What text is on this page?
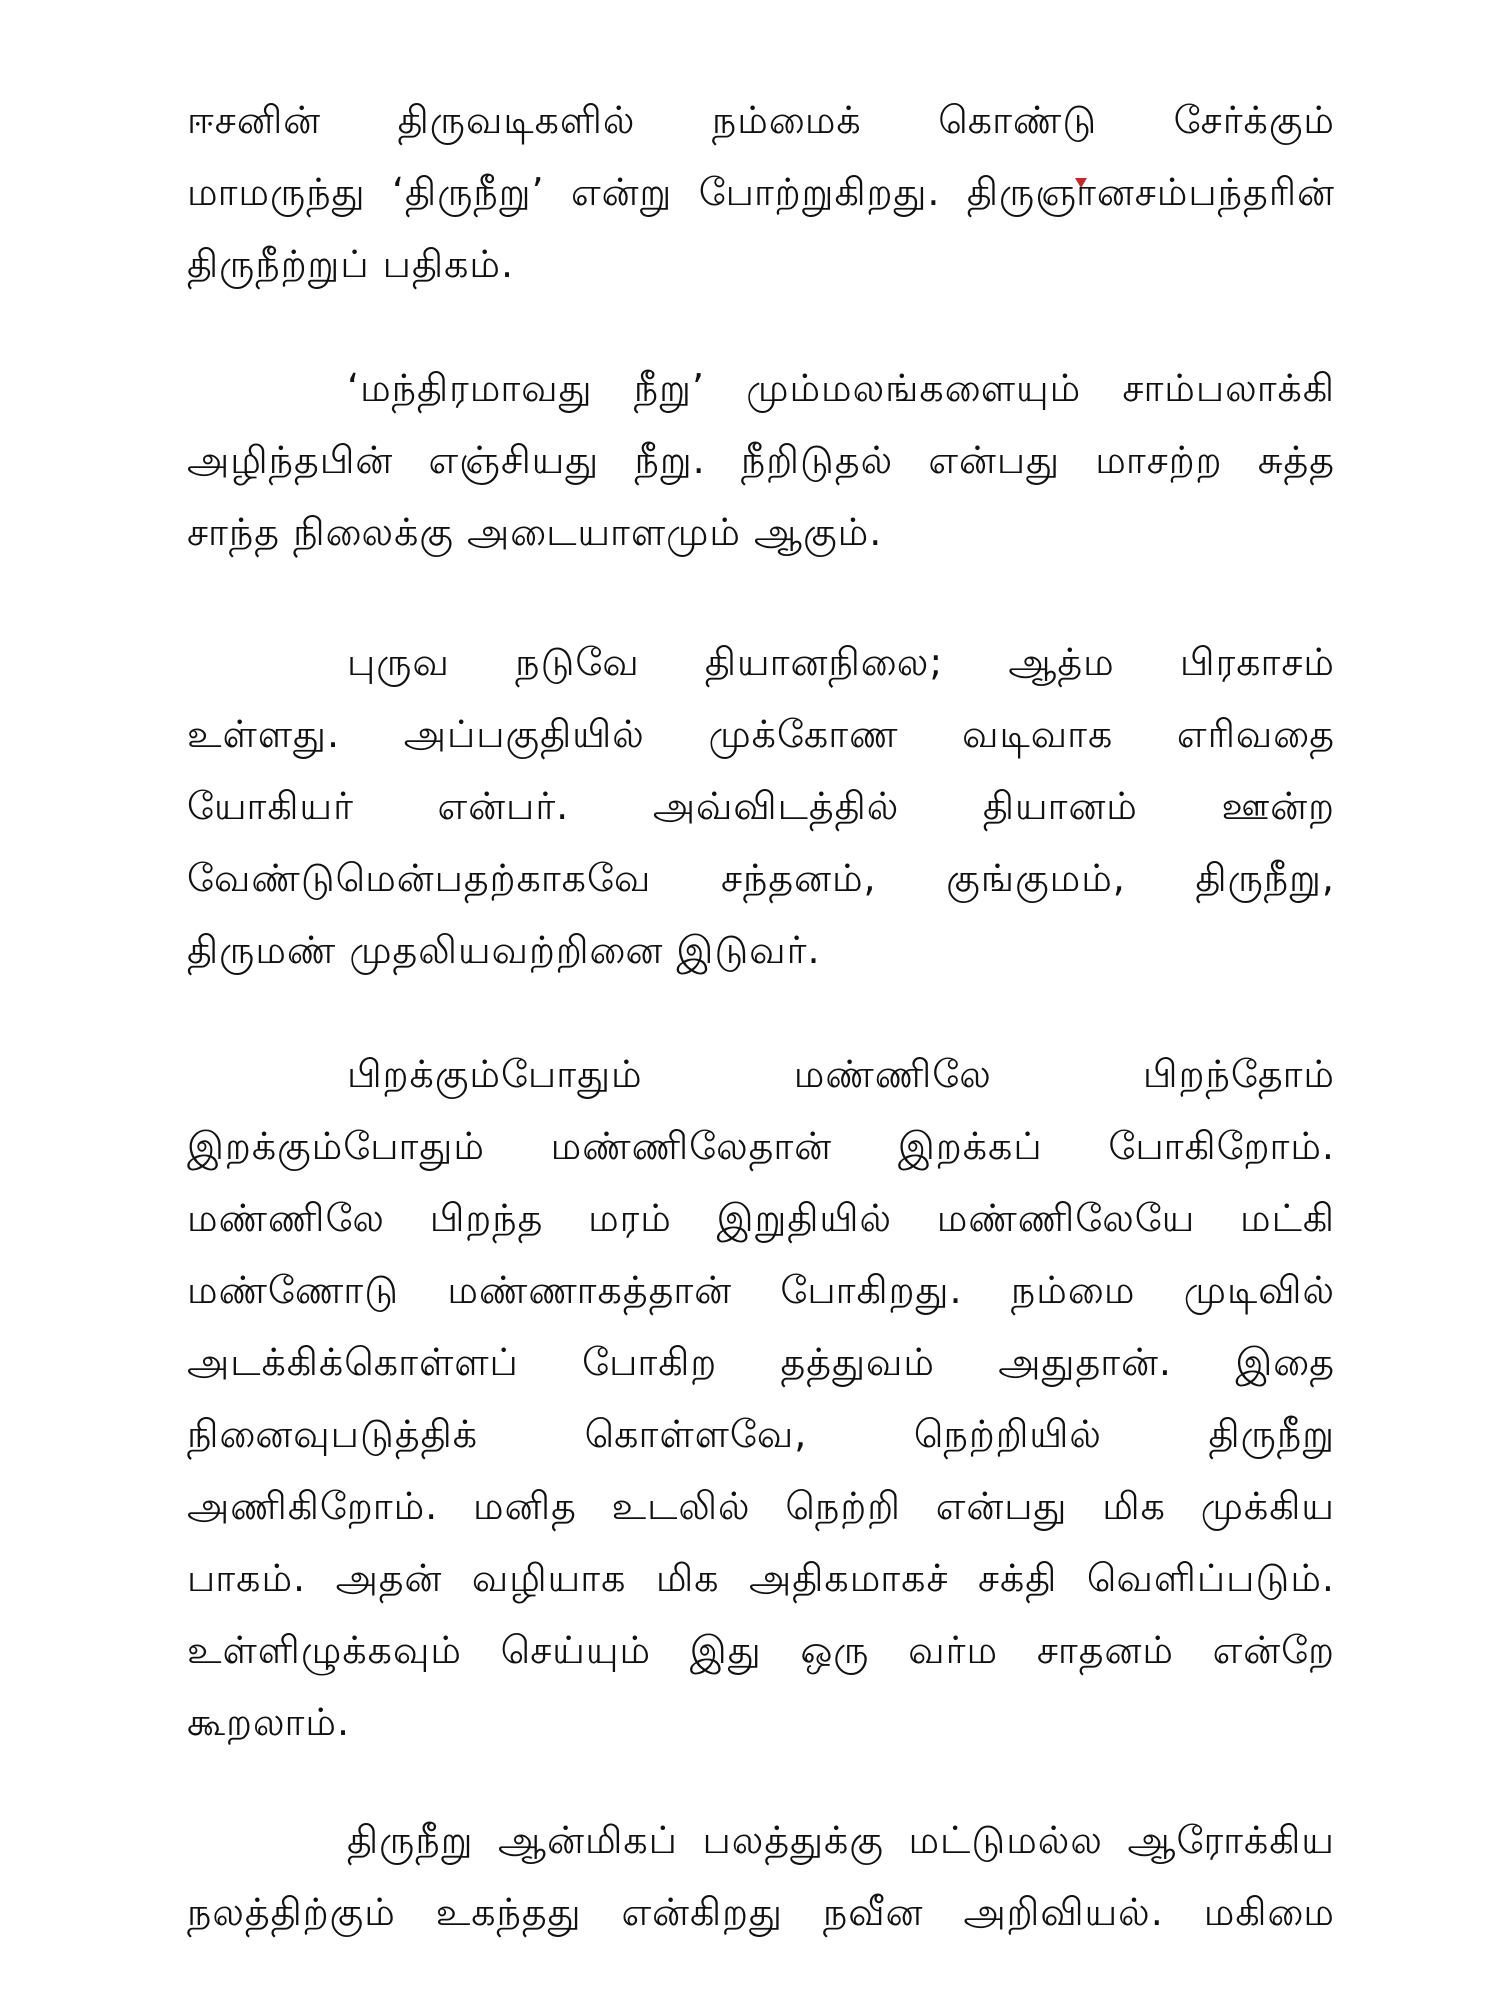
ஈசனின் திருவடிகளில் நம்மைக் கொண்டு சேர்க்கும்
மாமருந்து ‘திருநீறு’ என்று போற்றுகிறது. திருஞானசம்பந்தரின்
திருநீற்றுப் பதிகம்.
‘மந்திரமாவது நீறு’ மும்மலங்களையும் சாம்பலாக்கி
அழிந்தபின் எஞ்சியது நீறு. நீறிடுதல் என்பது மாசற்ற சுத்த
சாந்த நிலைக்கு அடையாளமும் ஆகும்.
புருவ நடுவே தியானநிலை; ஆத்ம பிரகாசம்
உள்ளது. அப்பகுதியில் முக்கோண வடிவாக எரிவதை
யோகியர் என்பர். அவ்விடத்தில் தியானம் ஊன்ற
வேண்டுமென்பதற்காகவே சந்தனம், குங்குமம், திருநீறு,
திருமண் முதலியவற்றினை இடுவர்.
பிறக்கும்போதும் மண்ணிலே பிறந்தோம்
இறக்கும்போதும் மண்ணிலேதான் இறக்கப் போகிறோம்.
மண்ணிலே பிறந்த மரம் இறுதியில் மண்ணிலேயே மட்கி
மண்ணோடு மண்ணாகத்தான் போகிறது. நம்மை முடிவில்
அடக்கிக்கொள்ளப் போகிற தத்துவம் அதுதான். இதை
நினைவுபடுத்திக் கொள்ளவே, நெற்றியில் திருநீறு
அணிகிறோம். மனித உடலில் நெற்றி என்பது மிக முக்கிய
பாகம். அதன் வழியாக மிக அதிகமாகச் சக்தி வெளிப்படும்.
உள்ளிழுக்கவும் செய்யும் இது ஒரு வர்ம சாதனம் என்றே
கூறலாம்.
திருநீறு ஆன்மிகப் பலத்துக்கு மட்டுமல்ல ஆரோக்கிய
நலத்திற்கும் உகந்தது என்கிறது நவீன அறிவியல். மகிமை
